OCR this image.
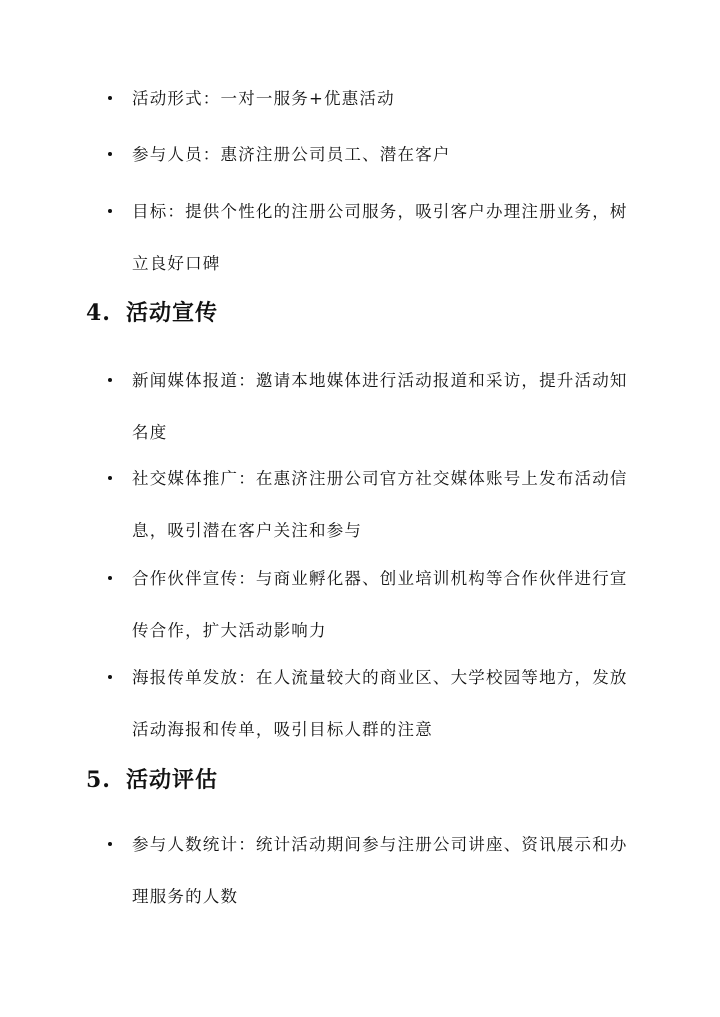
活动形式：一对一服务+优惠活动
参与人员：惠济注册公司员工、潜在客户
目标：提供个性化的注册公司服务，吸引客户办理注册业务，树立良好口碑
4. 活动宣传
新闻媒体报道：邀请本地媒体进行活动报道和采访，提升活动知名度
社交媒体推广：在惠济注册公司官方社交媒体账号上发布活动信息，吸引潜在客户关注和参与
合作伙伴宣传：与商业孵化器、创业培训机构等合作伙伴进行宣传合作，扩大活动影响力
海报传单发放：在人流量较大的商业区、大学校园等地方，发放活动海报和传单，吸引目标人群的注意
5. 活动评估
参与人数统计：统计活动期间参与注册公司讲座、资讯展示和办理服务的人数
